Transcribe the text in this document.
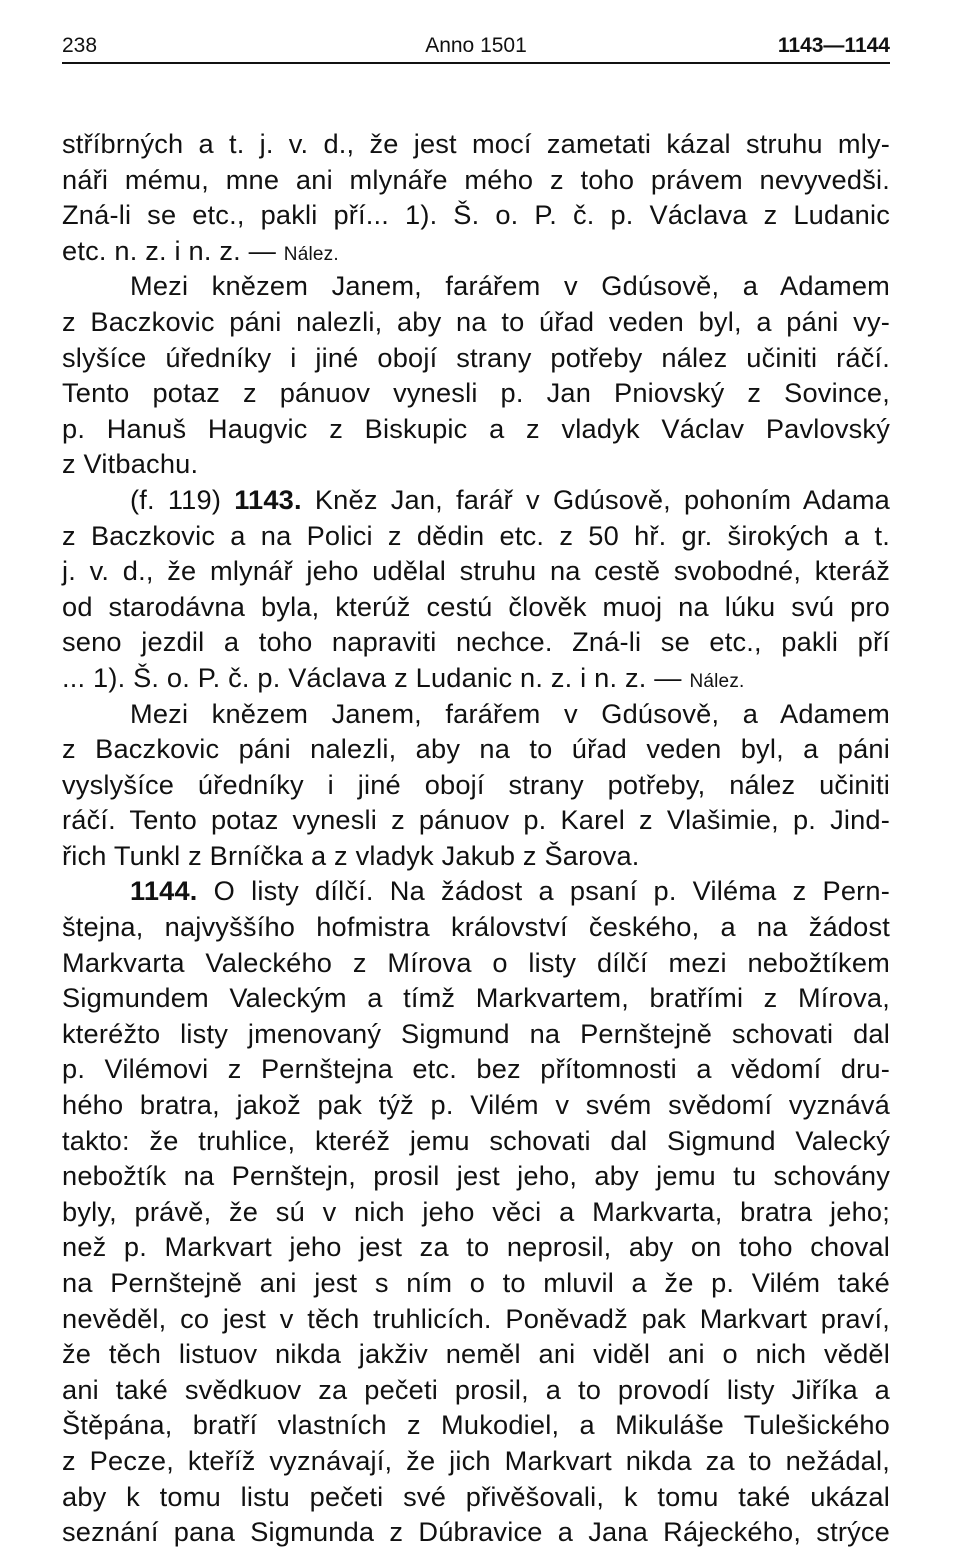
238	Anno 1501	1143—1144
stříbrných a t. j. v. d., že jest mocí zametati kázal struhu mly-
náři mému, mne ani mlynáře mého z toho právem nevyvedši.
Zná-li se etc., pakli pří... 1). Š. o. P. č. p. Václava z Ludanic
etc. n. z. i n. z. — Nález.
Mezi knězem Janem, farářem v Gdúsově, a Adamem
z Baczkovic páni nalezli, aby na to úřad veden byl, a páni vy-
slyšíce úředníky i jiné obojí strany potřeby nález učiniti ráčí.
Tento potaz z pánuov vynesli p. Jan Pniovský z Sovince,
p. Hanuš Haugvic z Biskupic a z vladyk Václav Pavlovský
z Vitbachu.
(f. 119) 1143. Kněz Jan, farář v Gdúsově, pohoním Adama
z Baczkovic a na Polici z dědin etc. z 50 hř. gr. širokých a t.
j. v. d., že mlynář jeho udělal struhu na cestě svobodné, kteráž
od starodávna byla, kterúž cestú člověk muoj na lúku svú pro
seno jezdil a toho napraviti nechce. Zná-li se etc., pakli pří
... 1). Š. o. P. č. p. Václava z Ludanic n. z. i n. z. — Nález.
Mezi knězem Janem, farářem v Gdúsově, a Adamem
z Baczkovic páni nalezli, aby na to úřad veden byl, a páni
vyslyšíce úředníky i jiné obojí strany potřeby, nález učiniti
ráčí. Tento potaz vynesli z pánuov p. Karel z Vlašimie, p. Jind-
řich Tunkl z Brníčka a z vladyk Jakub z Šarova.
1144. O listy dílčí. Na žádost a psaní p. Viléma z Pern-
štejna, najvyššího hofmistra království českého, a na žádost
Markvarta Valeckého z Mírova o listy dílčí mezi nebožtíkem
Sigmundem Valeckým a tímž Markvartem, bratřími z Mírova,
kteréžto listy jmenovaný Sigmund na Pernštejně schovati dal
p. Vilémovi z Pernštejna etc. bez přítomnosti a vědomí dru-
hého bratra, jakož pak týž p. Vilém v svém svědomí vyznává
takto: že truhlice, kteréž jemu schovati dal Sigmund Valecký
nebožtík na Pernštejn, prosil jest jeho, aby jemu tu schovány
byly, právě, že sú v nich jeho věci a Markvarta, bratra jeho;
než p. Markvart jeho jest za to neprosil, aby on toho choval
na Pernštejně ani jest s ním o to mluvil a že p. Vilém také
nevěděl, co jest v těch truhlicích. Poněvadž pak Markvart praví,
že těch listuov nikda jakživ neměl ani viděl ani o nich věděl
ani také svědkuov za pečeti prosil, a to provodí listy Jiříka a
Štěpána, bratří vlastních z Mukodiel, a Mikuláše Tulešického
z Pecze, kteříž vyznávají, že jich Markvart nikda za to nežádal,
aby k tomu listu pečeti své přivěšovali, k tomu také ukázal
seznání pana Sigmunda z Dúbravice a Jana Rájeckého, strýce
